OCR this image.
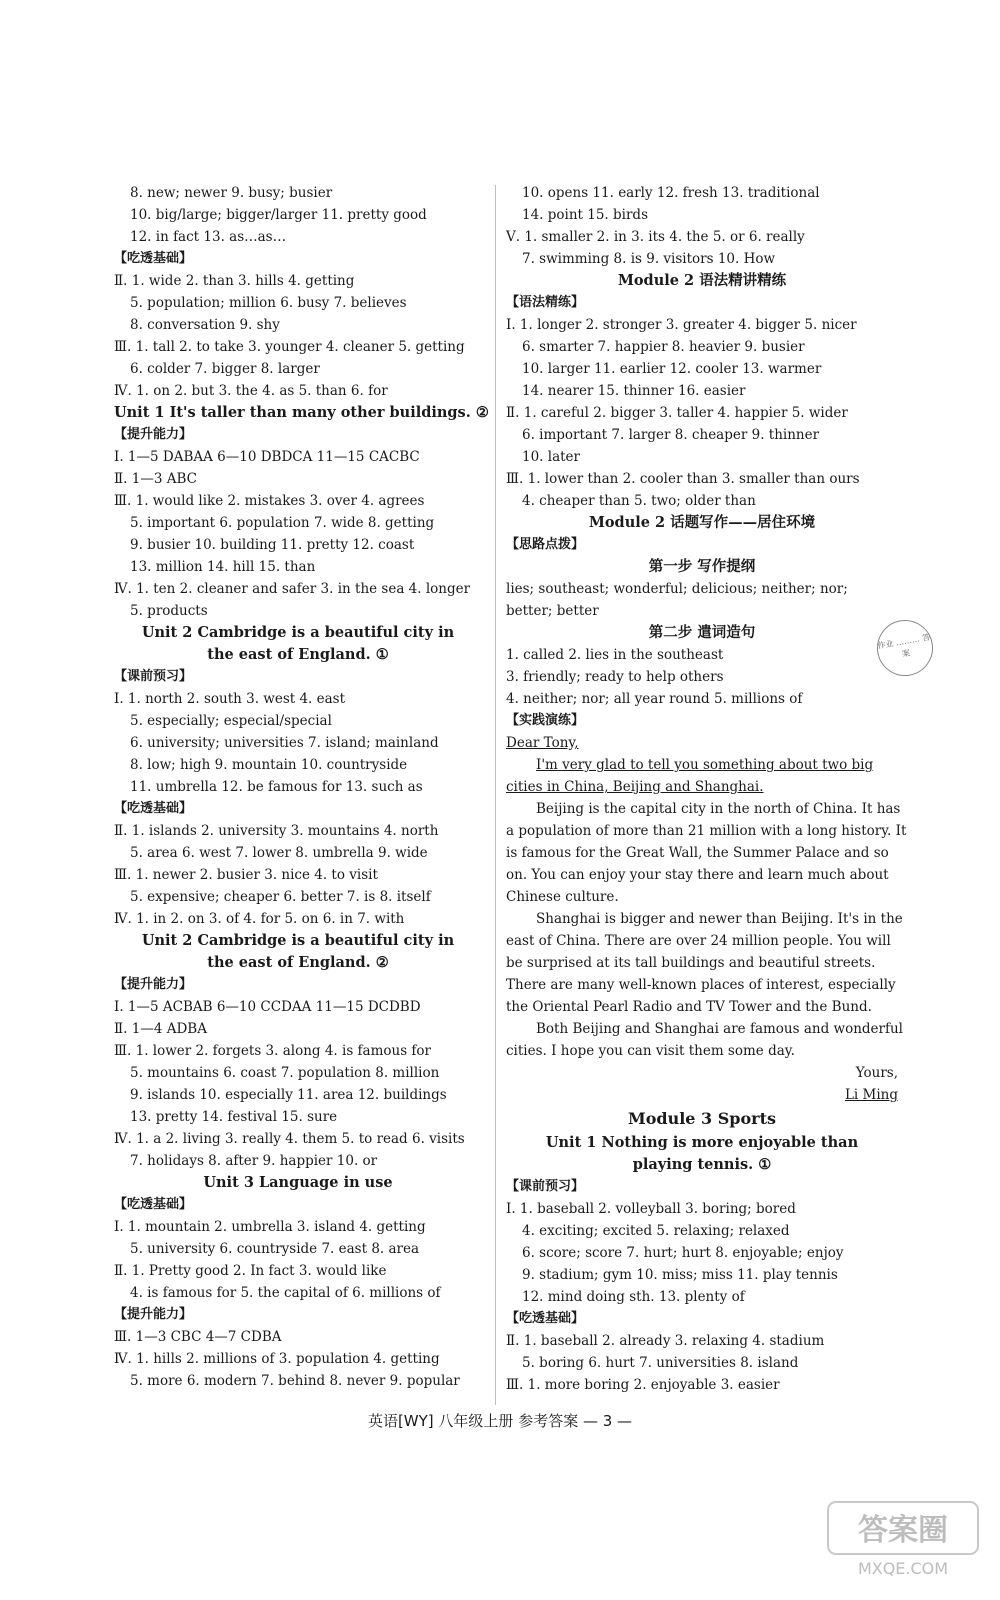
8. new; newer 9. busy; busier
10. big/large; bigger/larger 11. pretty good
12. in fact 13. as…as…
【吃透基础】
Ⅱ. 1. wide 2. than 3. hills 4. getting
5. population; million 6. busy 7. believes
8. conversation 9. shy
Ⅲ. 1. tall 2. to take 3. younger 4. cleaner 5. getting
6. colder 7. bigger 8. larger
Ⅳ. 1. on 2. but 3. the 4. as 5. than 6. for
Unit 1 It's taller than many other buildings. ②
【提升能力】
Ⅰ. 1—5 DABAA 6—10 DBDCA 11—15 CACBC
Ⅱ. 1—3 ABC
Ⅲ. 1. would like 2. mistakes 3. over 4. agrees
5. important 6. population 7. wide 8. getting
9. busier 10. building 11. pretty 12. coast
13. million 14. hill 15. than
Ⅳ. 1. ten 2. cleaner and safer 3. in the sea 4. longer
5. products
Unit 2 Cambridge is a beautiful city in
the east of England. ①
【课前预习】
Ⅰ. 1. north 2. south 3. west 4. east
5. especially; especial/special
6. university; universities 7. island; mainland
8. low; high 9. mountain 10. countryside
11. umbrella 12. be famous for 13. such as
【吃透基础】
Ⅱ. 1. islands 2. university 3. mountains 4. north
5. area 6. west 7. lower 8. umbrella 9. wide
Ⅲ. 1. newer 2. busier 3. nice 4. to visit
5. expensive; cheaper 6. better 7. is 8. itself
Ⅳ. 1. in 2. on 3. of 4. for 5. on 6. in 7. with
Unit 2 Cambridge is a beautiful city in
the east of England. ②
【提升能力】
Ⅰ. 1—5 ACBAB 6—10 CCDAA 11—15 DCDBD
Ⅱ. 1—4 ADBA
Ⅲ. 1. lower 2. forgets 3. along 4. is famous for
5. mountains 6. coast 7. population 8. million
9. islands 10. especially 11. area 12. buildings
13. pretty 14. festival 15. sure
Ⅳ. 1. a 2. living 3. really 4. them 5. to read 6. visits
7. holidays 8. after 9. happier 10. or
Unit 3 Language in use
【吃透基础】
Ⅰ. 1. mountain 2. umbrella 3. island 4. getting
5. university 6. countryside 7. east 8. area
Ⅱ. 1. Pretty good 2. In fact 3. would like
4. is famous for 5. the capital of 6. millions of
【提升能力】
Ⅲ. 1—3 CBC 4—7 CDBA
Ⅳ. 1. hills 2. millions of 3. population 4. getting
5. more 6. modern 7. behind 8. never 9. popular
10. opens 11. early 12. fresh 13. traditional
14. point 15. birds
Ⅴ. 1. smaller 2. in 3. its 4. the 5. or 6. really
7. swimming 8. is 9. visitors 10. How
Module 2 语法精讲精练
【语法精练】
Ⅰ. 1. longer 2. stronger 3. greater 4. bigger 5. nicer
6. smarter 7. happier 8. heavier 9. busier
10. larger 11. earlier 12. cooler 13. warmer
14. nearer 15. thinner 16. easier
Ⅱ. 1. careful 2. bigger 3. taller 4. happier 5. wider
6. important 7. larger 8. cheaper 9. thinner
10. later
Ⅲ. 1. lower than 2. cooler than 3. smaller than ours
4. cheaper than 5. two; older than
Module 2 话题写作——居住环境
【思路点拨】
第一步 写作提纲
lies; southeast; wonderful; delicious; neither; nor;
better; better
第二步 遣词造句
1. called 2. lies in the southeast
3. friendly; ready to help others
4. neither; nor; all year round 5. millions of
【实践演练】
Dear Tony,
I'm very glad to tell you something about two big
cities in China, Beijing and Shanghai.
Beijing is the capital city in the north of China. It has
a population of more than 21 million with a long history. It
is famous for the Great Wall, the Summer Palace and so
on. You can enjoy your stay there and learn much about
Chinese culture.
Shanghai is bigger and newer than Beijing. It's in the
east of China. There are over 24 million people. You will
be surprised at its tall buildings and beautiful streets.
There are many well-known places of interest, especially
the Oriental Pearl Radio and TV Tower and the Bund.
Both Beijing and Shanghai are famous and wonderful
cities. I hope you can visit them some day.
Yours,
Li Ming
Module 3 Sports
Unit 1 Nothing is more enjoyable than
playing tennis. ①
【课前预习】
Ⅰ. 1. baseball 2. volleyball 3. boring; bored
4. exciting; excited 5. relaxing; relaxed
6. score; score 7. hurt; hurt 8. enjoyable; enjoy
9. stadium; gym 10. miss; miss 11. play tennis
12. mind doing sth. 13. plenty of
【吃透基础】
Ⅱ. 1. baseball 2. already 3. relaxing 4. stadium
5. boring 6. hurt 7. universities 8. island
Ⅲ. 1. more boring 2. enjoyable 3. easier
作业 ……… 答案
英语[WY] 八年级上册 参考答案 — 3 —
答案圈
MXQE.COM
